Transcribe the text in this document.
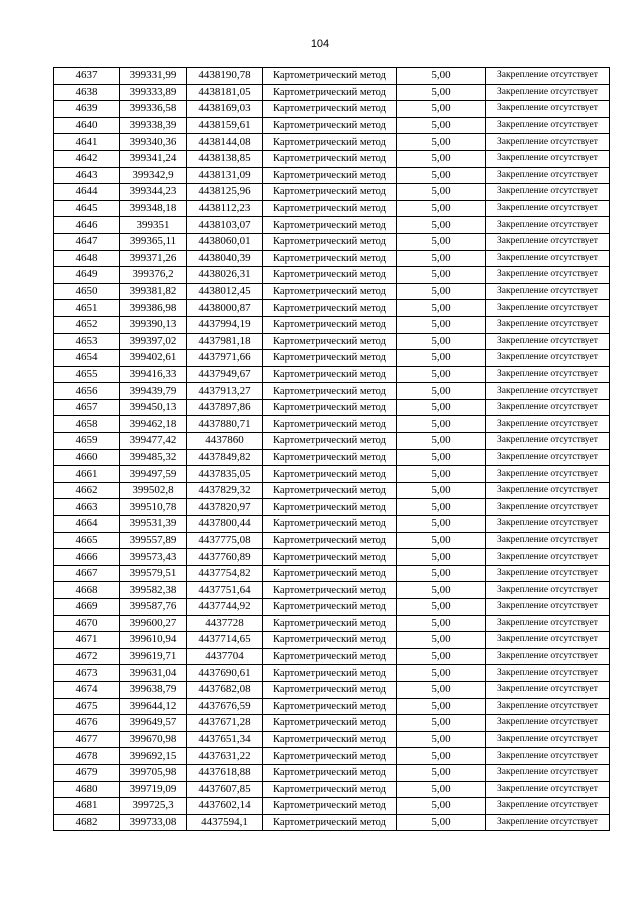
104
4637	399331,99	4438190,78	Картометрический метод	5,00	Закрепление отсутствует
4638	399333,89	4438181,05	Картометрический метод	5,00	Закрепление отсутствует
4639	399336,58	4438169,03	Картометрический метод	5,00	Закрепление отсутствует
4640	399338,39	4438159,61	Картометрический метод	5,00	Закрепление отсутствует
4641	399340,36	4438144,08	Картометрический метод	5,00	Закрепление отсутствует
4642	399341,24	4438138,85	Картометрический метод	5,00	Закрепление отсутствует
4643	399342,9	4438131,09	Картометрический метод	5,00	Закрепление отсутствует
4644	399344,23	4438125,96	Картометрический метод	5,00	Закрепление отсутствует
4645	399348,18	4438112,23	Картометрический метод	5,00	Закрепление отсутствует
4646	399351	4438103,07	Картометрический метод	5,00	Закрепление отсутствует
4647	399365,11	4438060,01	Картометрический метод	5,00	Закрепление отсутствует
4648	399371,26	4438040,39	Картометрический метод	5,00	Закрепление отсутствует
4649	399376,2	4438026,31	Картометрический метод	5,00	Закрепление отсутствует
4650	399381,82	4438012,45	Картометрический метод	5,00	Закрепление отсутствует
4651	399386,98	4438000,87	Картометрический метод	5,00	Закрепление отсутствует
4652	399390,13	4437994,19	Картометрический метод	5,00	Закрепление отсутствует
4653	399397,02	4437981,18	Картометрический метод	5,00	Закрепление отсутствует
4654	399402,61	4437971,66	Картометрический метод	5,00	Закрепление отсутствует
4655	399416,33	4437949,67	Картометрический метод	5,00	Закрепление отсутствует
4656	399439,79	4437913,27	Картометрический метод	5,00	Закрепление отсутствует
4657	399450,13	4437897,86	Картометрический метод	5,00	Закрепление отсутствует
4658	399462,18	4437880,71	Картометрический метод	5,00	Закрепление отсутствует
4659	399477,42	4437860	Картометрический метод	5,00	Закрепление отсутствует
4660	399485,32	4437849,82	Картометрический метод	5,00	Закрепление отсутствует
4661	399497,59	4437835,05	Картометрический метод	5,00	Закрепление отсутствует
4662	399502,8	4437829,32	Картометрический метод	5,00	Закрепление отсутствует
4663	399510,78	4437820,97	Картометрический метод	5,00	Закрепление отсутствует
4664	399531,39	4437800,44	Картометрический метод	5,00	Закрепление отсутствует
4665	399557,89	4437775,08	Картометрический метод	5,00	Закрепление отсутствует
4666	399573,43	4437760,89	Картометрический метод	5,00	Закрепление отсутствует
4667	399579,51	4437754,82	Картометрический метод	5,00	Закрепление отсутствует
4668	399582,38	4437751,64	Картометрический метод	5,00	Закрепление отсутствует
4669	399587,76	4437744,92	Картометрический метод	5,00	Закрепление отсутствует
4670	399600,27	4437728	Картометрический метод	5,00	Закрепление отсутствует
4671	399610,94	4437714,65	Картометрический метод	5,00	Закрепление отсутствует
4672	399619,71	4437704	Картометрический метод	5,00	Закрепление отсутствует
4673	399631,04	4437690,61	Картометрический метод	5,00	Закрепление отсутствует
4674	399638,79	4437682,08	Картометрический метод	5,00	Закрепление отсутствует
4675	399644,12	4437676,59	Картометрический метод	5,00	Закрепление отсутствует
4676	399649,57	4437671,28	Картометрический метод	5,00	Закрепление отсутствует
4677	399670,98	4437651,34	Картометрический метод	5,00	Закрепление отсутствует
4678	399692,15	4437631,22	Картометрический метод	5,00	Закрепление отсутствует
4679	399705,98	4437618,88	Картометрический метод	5,00	Закрепление отсутствует
4680	399719,09	4437607,85	Картометрический метод	5,00	Закрепление отсутствует
4681	399725,3	4437602,14	Картометрический метод	5,00	Закрепление отсутствует
4682	399733,08	4437594,1	Картометрический метод	5,00	Закрепление отсутствует
